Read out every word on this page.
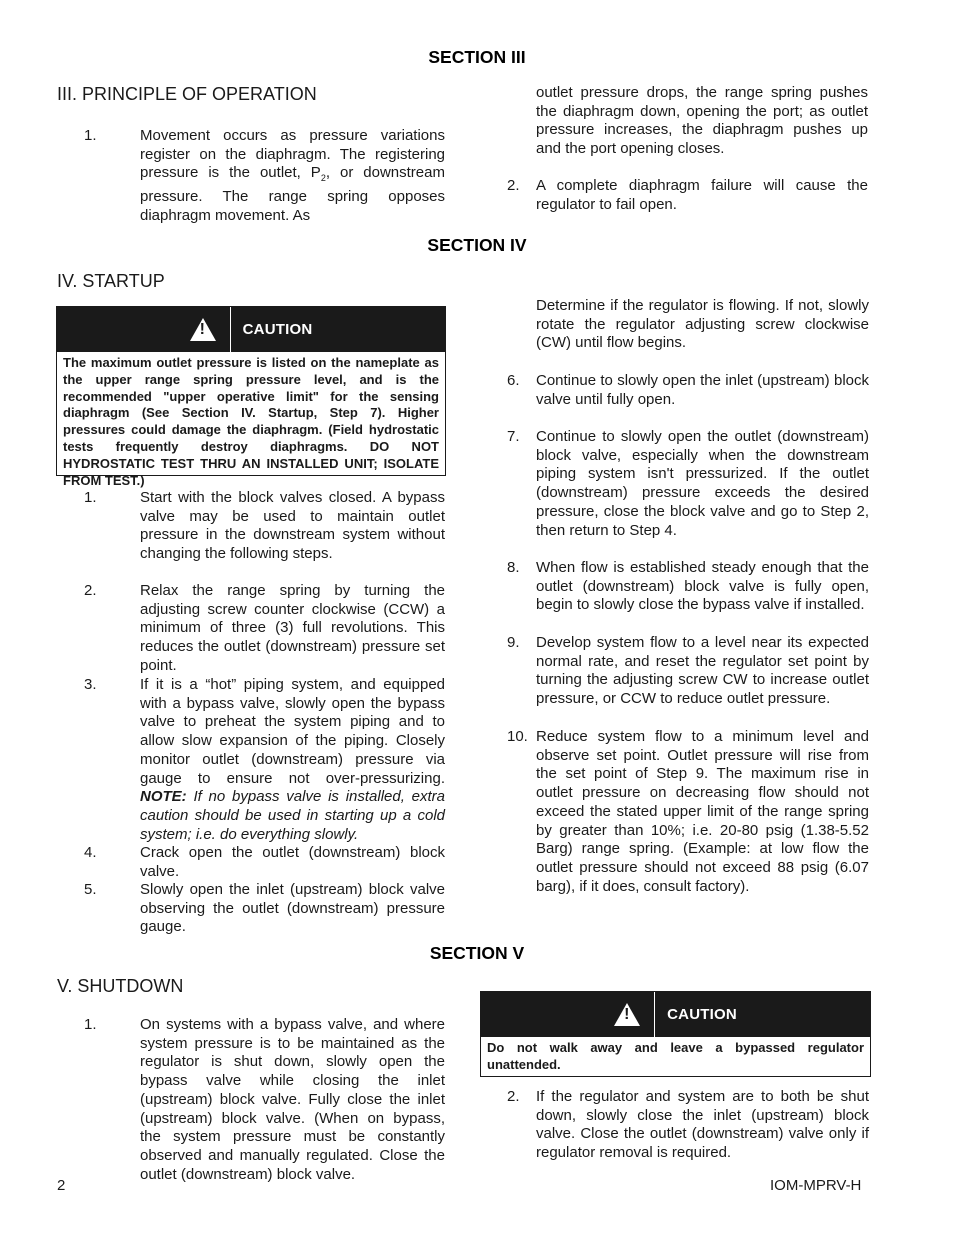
SECTION III
III. PRINCIPLE OF OPERATION
1.	Movement occurs as pressure variations register on the diaphragm. The registering pressure is the outlet, $P_2$, or downstream pressure. The range spring opposes diaphragm movement. As
outlet pressure drops, the range spring pushes the diaphragm down, opening the port; as outlet pressure increases, the diaphragm pushes up and the port opening closes.
2. A complete diaphragm failure will cause the regulator to fail open.
SECTION IV
IV. STARTUP
!	CAUTION
The maximum outlet pressure is listed on the nameplate as the upper range spring pressure level, and is the recommended "upper operative limit" for the sensing diaphragm (See Section IV. Startup, Step 7). Higher pressures could damage the diaphragm. (Field hydrostatic tests frequently destroy diaphragms. DO NOT HYDROSTATIC TEST THRU AN INSTALLED UNIT; ISOLATE FROM TEST.)
1.	Start with the block valves closed. A bypass valve may be used to maintain outlet pressure in the downstream system without changing the following steps.
2.	Relax the range spring by turning the adjusting screw counter clockwise (CCW) a minimum of three (3) full revolutions. This reduces the outlet (downstream) pressure set point.
3.	If it is a “hot” piping system, and equipped with a bypass valve, slowly open the bypass valve to preheat the system piping and to allow slow expansion of the piping. Closely monitor outlet (downstream) pressure via gauge to ensure not over-pressurizing. NOTE: If no bypass valve is installed, extra caution should be used in starting up a cold system; i.e. do everything slowly.
4.	Crack open the outlet (downstream) block valve.
5.	Slowly open the inlet (upstream) block valve observing the outlet (downstream) pressure gauge.
Determine if the regulator is flowing. If not, slowly rotate the regulator adjusting screw clockwise (CW) until flow begins.
6. Continue to slowly open the inlet (upstream) block valve until fully open.
7. Continue to slowly open the outlet (downstream) block valve, especially when the downstream piping system isn't pressurized. If the outlet (downstream) pressure exceeds the desired pressure, close the block valve and go to Step 2, then return to Step 4.
8. When flow is established steady enough that the outlet (downstream) block valve is fully open, begin to slowly close the bypass valve if installed.
9. Develop system flow to a level near its expected normal rate, and reset the regulator set point by turning the adjusting screw CW to increase outlet pressure, or CCW to reduce outlet pressure.
10. Reduce system flow to a minimum level and observe set point. Outlet pressure will rise from the set point of Step 9. The maximum rise in outlet pressure on decreasing flow should not exceed the stated upper limit of the range spring by greater than 10%; i.e. 20-80 psig (1.38-5.52 Barg) range spring. (Example: at low flow the outlet pressure should not exceed 88 psig (6.07 barg), if it does, consult factory).
SECTION V
V. SHUTDOWN
1.	On systems with a bypass valve, and where system pressure is to be maintained as the regulator is shut down, slowly open the bypass valve while closing the inlet (upstream) block valve. Fully close the inlet (upstream) block valve. (When on bypass, the system pressure must be constantly observed and manually regulated. Close the outlet (downstream) block valve.
!	CAUTION
Do not walk away and leave a bypassed regulator unattended.
2. If the regulator and system are to both be shut down, slowly close the inlet (upstream) block valve. Close the outlet (downstream) valve only if regulator removal is required.
2	IOM-MPRV-H
